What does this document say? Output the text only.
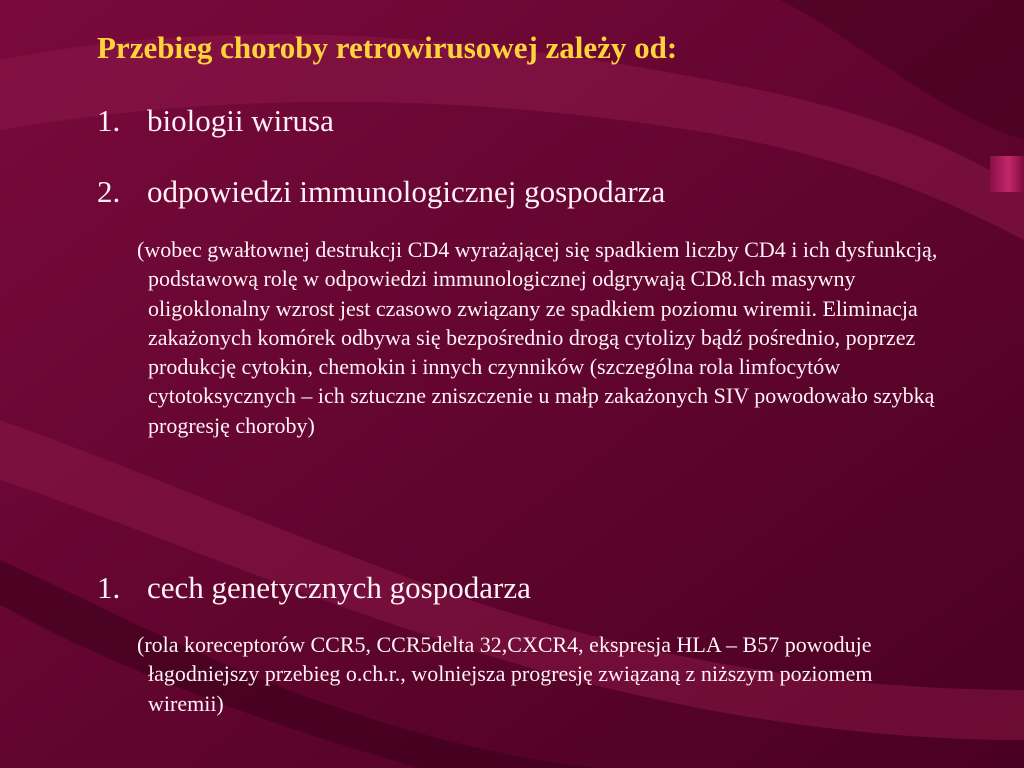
Przebieg choroby retrowirusowej zależy od:
1. biologii wirusa
2. odpowiedzi immunologicznej gospodarza
(wobec gwałtownej destrukcji CD4 wyrażającej się spadkiem liczby CD4 i ich dysfunkcją, podstawową rolę w odpowiedzi immunologicznej odgrywają CD8.Ich masywny oligoklonalny wzrost jest czasowo związany ze spadkiem poziomu wiremii. Eliminacja zakażonych komórek odbywa się bezpośrednio drogą cytolizy bądź pośrednio, poprzez produkcję cytokin, chemokin i innych czynników (szczególna rola limfocytów cytotoksycznych – ich sztuczne zniszczenie u małp zakażonych SIV powodowało szybką progresję choroby)
1. cech genetycznych gospodarza
(rola koreceptorów CCR5, CCR5delta 32,CXCR4, ekspresja HLA – B57 powoduje łagodniejszy przebieg o.ch.r., wolniejsza progresję związaną z niższym poziomem wiremii)
